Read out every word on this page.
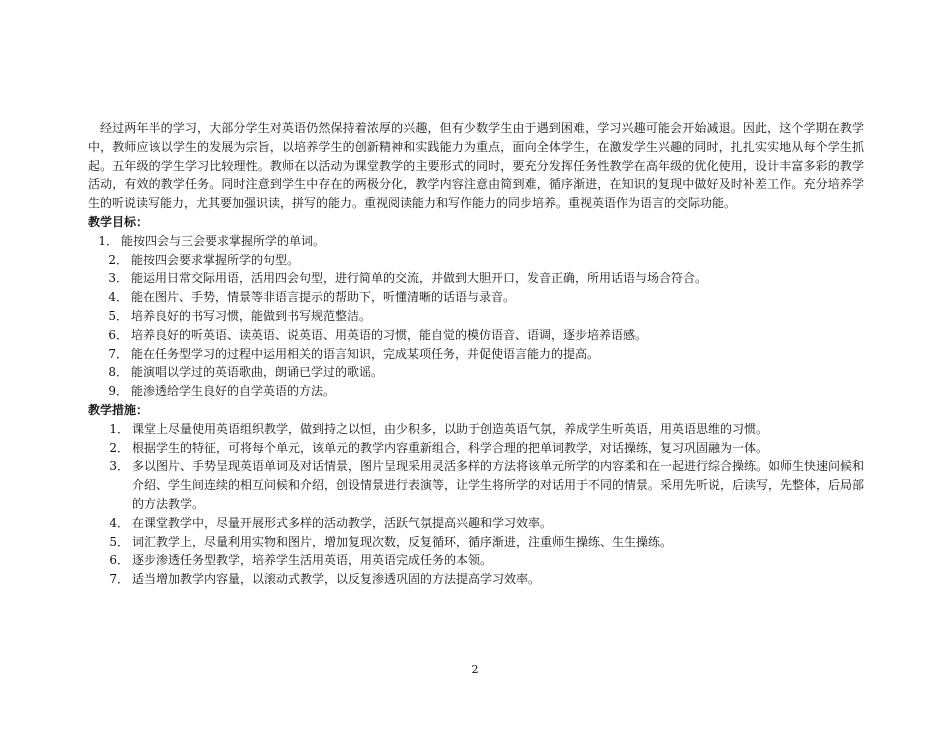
经过两年半的学习，大部分学生对英语仍然保持着浓厚的兴趣，但有少数学生由于遇到困难，学习兴趣可能会开始减退。因此，这个学期在教学中，教师应该以学生的发展为宗旨，以培养学生的创新精神和实践能力为重点，面向全体学生，在激发学生兴趣的同时，扎扎实实地从每个学生抓起。五年级的学生学习比较理性。教师在以活动为课堂教学的主要形式的同时，要充分发挥任务性教学在高年级的优化使用，设计丰富多彩的教学活动，有效的教学任务。同时注意到学生中存在的两极分化，教学内容注意由简到难，循序渐进，在知识的复现中做好及时补差工作。充分培养学生的听说读写能力，尤其要加强识读，拼写的能力。重视阅读能力和写作能力的同步培养。重视英语作为语言的交际功能。

教学目标：

1． 能按四会与三会要求掌握所学的单词。
2． 能按四会要求掌握所学的句型。
3． 能运用日常交际用语，活用四会句型，进行简单的交流，并做到大胆开口，发音正确，所用话语与场合符合。
4． 能在图片、手势，情景等非语言提示的帮助下，听懂清晰的话语与录音。
5． 培养良好的书写习惯，能做到书写规范整洁。
6． 培养良好的听英语、读英语、说英语、用英语的习惯，能自觉的模仿语音、语调，逐步培养语感。
7． 能在任务型学习的过程中运用相关的语言知识，完成某项任务，并促使语言能力的提高。
8． 能演唱以学过的英语歌曲，朗诵已学过的歌谣。
9． 能渗透给学生良好的自学英语的方法。

教学措施：

1． 课堂上尽量使用英语组织教学，做到持之以恒，由少积多，以助于创造英语气氛，养成学生听英语，用英语思维的习惯。
2． 根据学生的特征，可将每个单元，该单元的教学内容重新组合，科学合理的把单词教学，对话操练，复习巩固融为一体。
3． 多以图片、手势呈现英语单词及对话情景，图片呈现采用灵活多样的方法将该单元所学的内容柔和在一起进行综合操练。如师生快速问候和介绍、学生间连续的相互问候和介绍，创设情景进行表演等，让学生将所学的对话用于不同的情景。采用先听说，后读写，先整体，后局部的方法教学。
4． 在课堂教学中，尽量开展形式多样的活动教学，活跃气氛提高兴趣和学习效率。
5． 词汇教学上，尽量利用实物和图片，增加复现次数，反复循环，循序渐进，注重师生操练、生生操练。
6． 逐步渗透任务型教学，培养学生活用英语，用英语完成任务的本领。
7． 适当增加教学内容量，以滚动式教学，以反复渗透巩固的方法提高学习效率。
2
